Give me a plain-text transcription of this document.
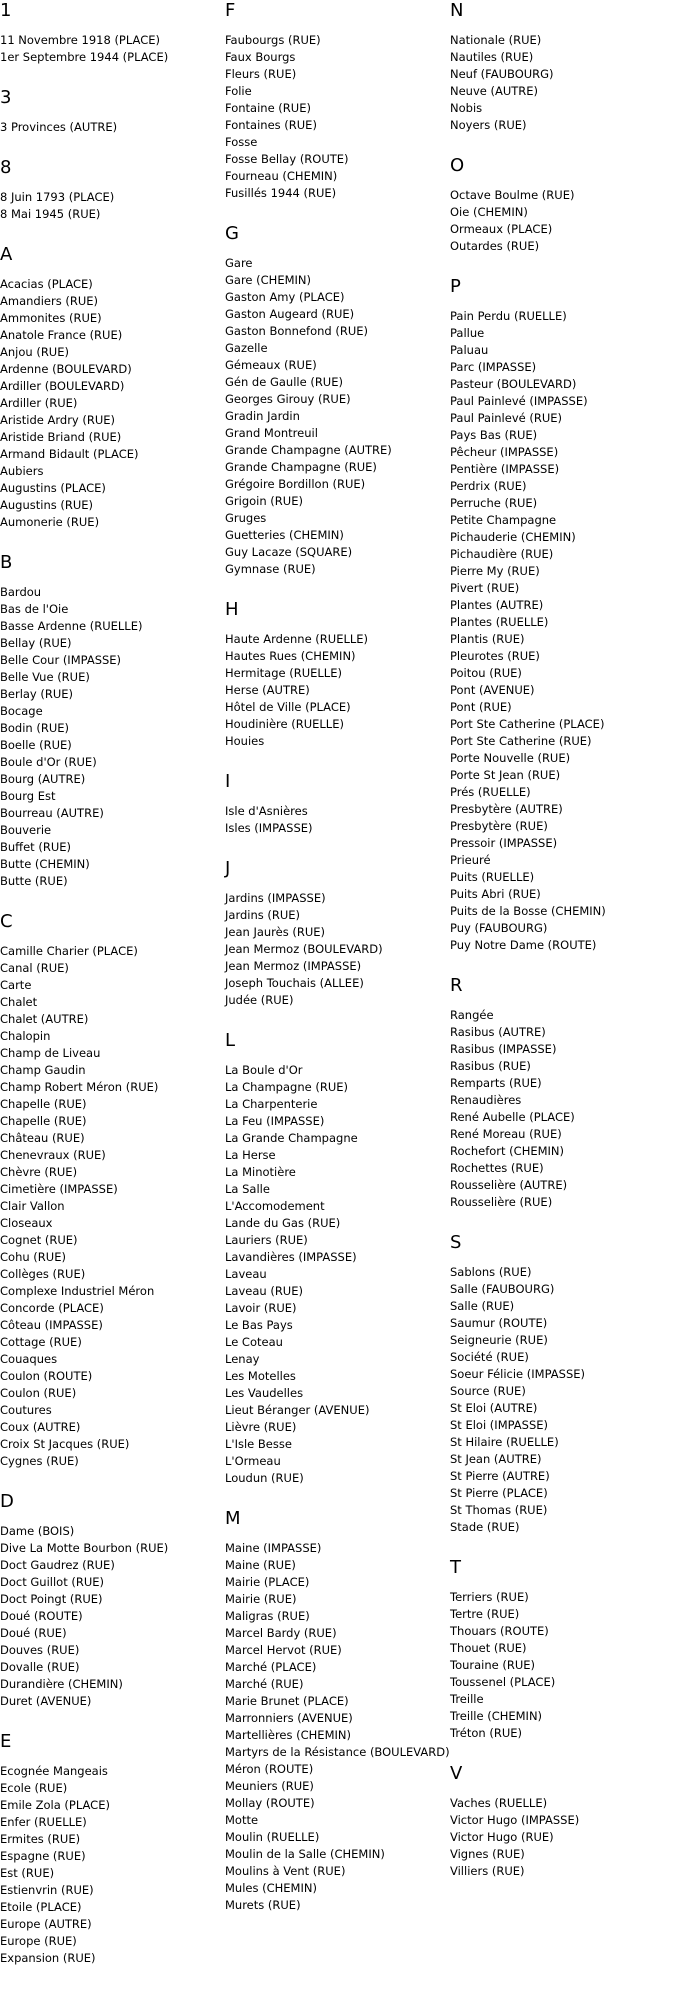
1
11 Novembre 1918 (PLACE)
1er Septembre 1944 (PLACE)
3
3 Provinces (AUTRE)
8
8 Juin 1793 (PLACE)
8 Mai 1945 (RUE)
A
Acacias (PLACE)
Amandiers (RUE)
Ammonites (RUE)
Anatole France (RUE)
Anjou (RUE)
Ardenne (BOULEVARD)
Ardiller (BOULEVARD)
Ardiller (RUE)
Aristide Ardry (RUE)
Aristide Briand (RUE)
Armand Bidault (PLACE)
Aubiers
Augustins (PLACE)
Augustins (RUE)
Aumonerie (RUE)
B
Bardou
Bas de l'Oie
Basse Ardenne (RUELLE)
Bellay (RUE)
Belle Cour (IMPASSE)
Belle Vue (RUE)
Berlay (RUE)
Bocage
Bodin (RUE)
Boelle (RUE)
Boule d'Or (RUE)
Bourg (AUTRE)
Bourg Est
Bourreau (AUTRE)
Bouverie
Buffet (RUE)
Butte (CHEMIN)
Butte (RUE)
C
Camille Charier (PLACE)
Canal (RUE)
Carte
Chalet
Chalet (AUTRE)
Chalopin
Champ de Liveau
Champ Gaudin
Champ Robert Méron (RUE)
Chapelle (RUE)
Chapelle (RUE)
Château (RUE)
Chenevraux (RUE)
Chèvre (RUE)
Cimetière (IMPASSE)
Clair Vallon
Closeaux
Cognet (RUE)
Cohu (RUE)
Collèges (RUE)
Complexe Industriel Méron
Concorde (PLACE)
Côteau (IMPASSE)
Cottage (RUE)
Couaques
Coulon (ROUTE)
Coulon (RUE)
Coutures
Coux (AUTRE)
Croix St Jacques (RUE)
Cygnes (RUE)
D
Dame (BOIS)
Dive La Motte Bourbon (RUE)
Doct Gaudrez (RUE)
Doct Guillot (RUE)
Doct Poingt (RUE)
Doué (ROUTE)
Doué (RUE)
Douves (RUE)
Dovalle (RUE)
Durandière (CHEMIN)
Duret (AVENUE)
E
Ecognée Mangeais
Ecole (RUE)
Emile Zola (PLACE)
Enfer (RUELLE)
Ermites (RUE)
Espagne (RUE)
Est (RUE)
Estienvrin (RUE)
Etoile (PLACE)
Europe (AUTRE)
Europe (RUE)
Expansion (RUE)
F
Faubourgs (RUE)
Faux Bourgs
Fleurs (RUE)
Folie
Fontaine (RUE)
Fontaines (RUE)
Fosse
Fosse Bellay (ROUTE)
Fourneau (CHEMIN)
Fusillés 1944 (RUE)
G
Gare
Gare (CHEMIN)
Gaston Amy (PLACE)
Gaston Augeard (RUE)
Gaston Bonnefond (RUE)
Gazelle
Gémeaux (RUE)
Gén de Gaulle (RUE)
Georges Girouy (RUE)
Gradin Jardin
Grand Montreuil
Grande Champagne (AUTRE)
Grande Champagne (RUE)
Grégoire Bordillon (RUE)
Grigoin (RUE)
Gruges
Guetteries (CHEMIN)
Guy Lacaze (SQUARE)
Gymnase (RUE)
H
Haute Ardenne (RUELLE)
Hautes Rues (CHEMIN)
Hermitage (RUELLE)
Herse (AUTRE)
Hôtel de Ville (PLACE)
Houdinière (RUELLE)
Houies
I
Isle d'Asnières
Isles (IMPASSE)
J
Jardins (IMPASSE)
Jardins (RUE)
Jean Jaurès (RUE)
Jean Mermoz (BOULEVARD)
Jean Mermoz (IMPASSE)
Joseph Touchais (ALLEE)
Judée (RUE)
L
La Boule d'Or
La Champagne (RUE)
La Charpenterie
La Feu (IMPASSE)
La Grande Champagne
La Herse
La Minotière
La Salle
L'Accomodement
Lande du Gas (RUE)
Lauriers (RUE)
Lavandières (IMPASSE)
Laveau
Laveau (RUE)
Lavoir (RUE)
Le Bas Pays
Le Coteau
Lenay
Les Motelles
Les Vaudelles
Lieut Béranger (AVENUE)
Lièvre (RUE)
L'Isle Besse
L'Ormeau
Loudun (RUE)
M
Maine (IMPASSE)
Maine (RUE)
Mairie (PLACE)
Mairie (RUE)
Maligras (RUE)
Marcel Bardy (RUE)
Marcel Hervot (RUE)
Marché (PLACE)
Marché (RUE)
Marie Brunet (PLACE)
Marronniers (AVENUE)
Martellières (CHEMIN)
Martyrs de la Résistance (BOULEVARD)
Méron (ROUTE)
Meuniers (RUE)
Mollay (ROUTE)
Motte
Moulin (RUELLE)
Moulin de la Salle (CHEMIN)
Moulins à Vent (RUE)
Mules (CHEMIN)
Murets (RUE)
N
Nationale (RUE)
Nautiles (RUE)
Neuf (FAUBOURG)
Neuve (AUTRE)
Nobis
Noyers (RUE)
O
Octave Boulme (RUE)
Oie (CHEMIN)
Ormeaux (PLACE)
Outardes (RUE)
P
Pain Perdu (RUELLE)
Pallue
Paluau
Parc (IMPASSE)
Pasteur (BOULEVARD)
Paul Painlevé (IMPASSE)
Paul Painlevé (RUE)
Pays Bas (RUE)
Pêcheur (IMPASSE)
Pentière (IMPASSE)
Perdrix (RUE)
Perruche (RUE)
Petite Champagne
Pichauderie (CHEMIN)
Pichaudière (RUE)
Pierre My (RUE)
Pivert (RUE)
Plantes (AUTRE)
Plantes (RUELLE)
Plantis (RUE)
Pleurotes (RUE)
Poitou (RUE)
Pont (AVENUE)
Pont (RUE)
Port Ste Catherine (PLACE)
Port Ste Catherine (RUE)
Porte Nouvelle (RUE)
Porte St Jean (RUE)
Prés (RUELLE)
Presbytère (AUTRE)
Presbytère (RUE)
Pressoir (IMPASSE)
Prieuré
Puits (RUELLE)
Puits Abri (RUE)
Puits de la Bosse (CHEMIN)
Puy (FAUBOURG)
Puy Notre Dame (ROUTE)
R
Rangée
Rasibus (AUTRE)
Rasibus (IMPASSE)
Rasibus (RUE)
Remparts (RUE)
Renaudières
René Aubelle (PLACE)
René Moreau (RUE)
Rochefort (CHEMIN)
Rochettes (RUE)
Rousselière (AUTRE)
Rousselière (RUE)
S
Sablons (RUE)
Salle (FAUBOURG)
Salle (RUE)
Saumur (ROUTE)
Seigneurie (RUE)
Société (RUE)
Soeur Félicie (IMPASSE)
Source (RUE)
St Eloi (AUTRE)
St Eloi (IMPASSE)
St Hilaire (RUELLE)
St Jean (AUTRE)
St Pierre (AUTRE)
St Pierre (PLACE)
St Thomas (RUE)
Stade (RUE)
T
Terriers (RUE)
Tertre (RUE)
Thouars (ROUTE)
Thouet (RUE)
Touraine (RUE)
Toussenel (PLACE)
Treille
Treille (CHEMIN)
Tréton (RUE)
V
Vaches (RUELLE)
Victor Hugo (IMPASSE)
Victor Hugo (RUE)
Vignes (RUE)
Villiers (RUE)
